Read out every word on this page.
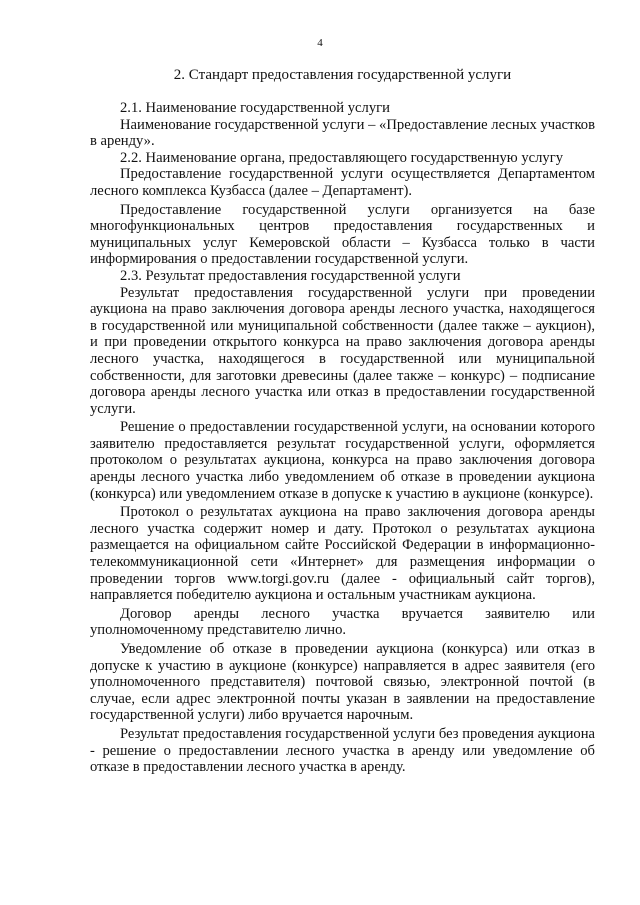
4
2. Стандарт предоставления государственной услуги

2.1. Наименование государственной услуги

Наименование государственной услуги – «Предоставление лесных участков в аренду».

2.2. Наименование органа, предоставляющего государственную услугу

Предоставление государственной услуги осуществляется Департаментом лесного комплекса Кузбасса (далее – Департамент).

Предоставление государственной услуги организуется на базе многофункциональных центров предоставления государственных и муниципальных услуг Кемеровской области – Кузбасса только в части информирования о предоставлении государственной услуги.

2.3. Результат предоставления государственной услуги

Результат предоставления государственной услуги при проведении аукциона на право заключения договора аренды лесного участка, находящегося в государственной или муниципальной собственности (далее также – аукцион), и при проведении открытого конкурса на право заключения договора аренды лесного участка, находящегося в государственной или муниципальной собственности, для заготовки древесины (далее также – конкурс) – подписание договора аренды лесного участка или отказ в предоставлении государственной услуги.

Решение о предоставлении государственной услуги, на основании которого заявителю предоставляется результат государственной услуги, оформляется протоколом о результатах аукциона, конкурса на право заключения договора аренды лесного участка либо уведомлением об отказе в проведении аукциона (конкурса) или уведомлением отказе в допуске к участию в аукционе (конкурсе).

Протокол о результатах аукциона на право заключения договора аренды лесного участка содержит номер и дату. Протокол о результатах аукциона размещается на официальном сайте Российской Федерации в информационно-телекоммуникационной сети «Интернет» для размещения информации о проведении торгов www.torgi.gov.ru (далее - официальный сайт торгов), направляется победителю аукциона и остальным участникам аукциона.

Договор аренды лесного участка вручается заявителю или уполномоченному представителю лично.

Уведомление об отказе в проведении аукциона (конкурса) или отказ в допуске к участию в аукционе (конкурсе) направляется в адрес заявителя (его уполномоченного представителя) почтовой связью, электронной почтой (в случае, если адрес электронной почты указан в заявлении на предоставление государственной услуги) либо вручается нарочным.

Результат предоставления государственной услуги без проведения аукциона - решение о предоставлении лесного участка в аренду или уведомление об отказе в предоставлении лесного участка в аренду.
